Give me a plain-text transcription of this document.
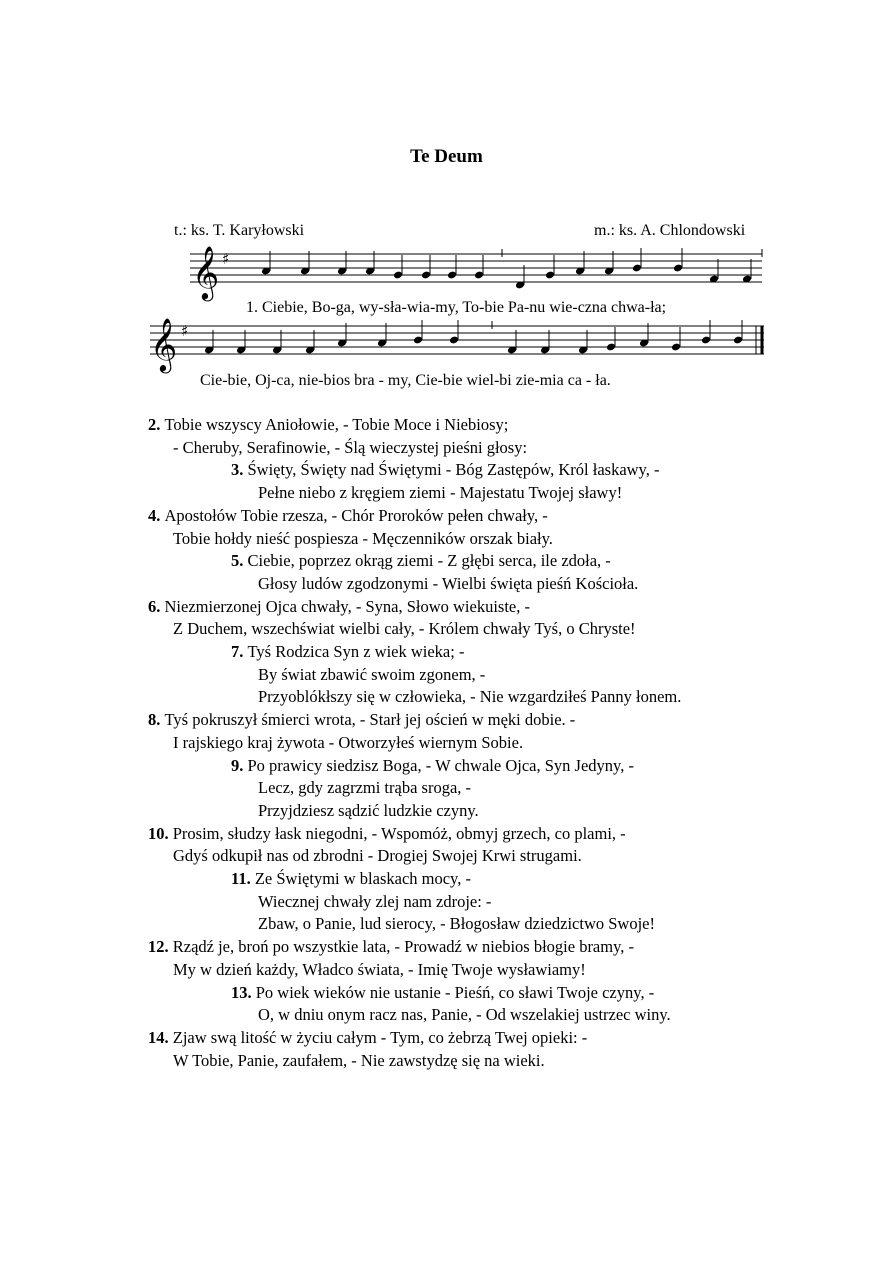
Te Deum
t.: ks. T. Karyłowski	m.: ks. A. Chlondowski
𝄞 ♯
1. Ciebie, Bo-ga, wy-sła-wia-my, To-bie Pa-nu wie-czna chwa-ła;
𝄞 ♯
Cie-bie, Oj-ca, nie-bios bra - my, Cie-bie wiel-bi zie-mia ca - ła.
2. Tobie wszyscy Aniołowie, - Tobie Moce i Niebiosy;
- Cheruby, Serafinowie, - Ślą wieczystej pieśni głosy:
3. Święty, Święty nad Świętymi - Bóg Zastępów, Król łaskawy, -
Pełne niebo z kręgiem ziemi - Majestatu Twojej sławy!
4. Apostołów Tobie rzesza, - Chór Proroków pełen chwały, -
Tobie hołdy nieść pospiesza - Męczenników orszak biały.
5. Ciebie, poprzez okrąg ziemi - Z głębi serca, ile zdoła, -
Głosy ludów zgodzonymi - Wielbi święta pieśń Kościoła.
6. Niezmierzonej Ojca chwały, - Syna, Słowo wiekuiste, -
Z Duchem, wszechświat wielbi cały, - Królem chwały Tyś, o Chryste!
7. Tyś Rodzica Syn z wiek wieka; -
By świat zbawić swoim zgonem, -
Przyoblókłszy się w człowieka, - Nie wzgardziłeś Panny łonem.
8. Tyś pokruszył śmierci wrota, - Starł jej oścień w męki dobie. -
I rajskiego kraj żywota - Otworzyłeś wiernym Sobie.
9. Po prawicy siedzisz Boga, - W chwale Ojca, Syn Jedyny, -
Lecz, gdy zagrzmi trąba sroga, -
Przyjdziesz sądzić ludzkie czyny.
10. Prosim, słudzy łask niegodni, - Wspomóż, obmyj grzech, co plami, -
Gdyś odkupił nas od zbrodni - Drogiej Swojej Krwi strugami.
11. Ze Świętymi w blaskach mocy, -
Wiecznej chwały zlej nam zdroje: -
Zbaw, o Panie, lud sierocy, - Błogosław dziedzictwo Swoje!
12. Rządź je, broń po wszystkie lata, - Prowadź w niebios błogie bramy, -
My w dzień każdy, Władco świata, - Imię Twoje wysławiamy!
13. Po wiek wieków nie ustanie - Pieśń, co sławi Twoje czyny, -
O, w dniu onym racz nas, Panie, - Od wszelakiej ustrzec winy.
14. Zjaw swą litość w życiu całym - Tym, co żebrzą Twej opieki: -
W Tobie, Panie, zaufałem, - Nie zawstydzę się na wieki.
